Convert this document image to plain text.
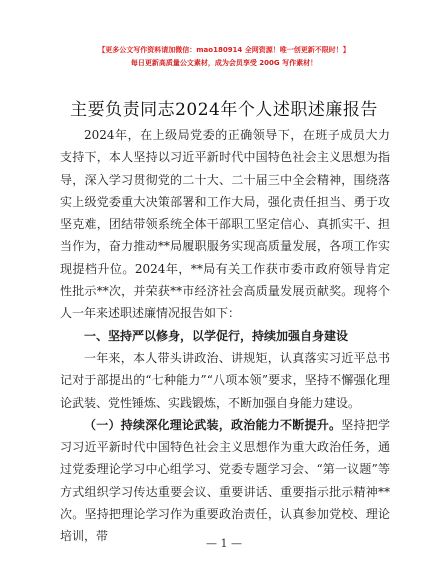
【更多公文写作资料请加微信：mao180914 全网资源！唯一创更新不限时！】
每日更新高质量公文素材，成为会员享受 200G 写作素材！
主要负责同志2024年个人述职述廉报告

2024年，在上级局党委的正确领导下，在班子成员大力支持下，本人坚持以习近平新时代中国特色社会主义思想为指导，深入学习贯彻党的二十大、二十届三中全会精神，围绕落实上级党委重大决策部署和工作大局，强化责任担当、勇于攻坚克难，团结带领系统全体干部职工坚定信心、真抓实干、担当作为，奋力推动**局履职服务实现高质量发展，各项工作实现提档升位。2024年，**局有关工作获市委市政府领导肯定性批示**次，并荣获**市经济社会高质量发展贡献奖。现将个人一年来述职述廉情况报告如下：

一、坚持严以修身，以学促行，持续加强自身建设

一年来，本人带头讲政治、讲规矩，认真落实习近平总书记对于部提出的“七种能力”“八项本领”要求，坚持不懈强化理论武装、党性锤炼、实践锻炼，不断加强自身能力建设。

（一）持续深化理论武装，政治能力不断提升。坚持把学习习近平新时代中国特色社会主义思想作为重大政治任务，通过党委理论学习中心组学习、党委专题学习会、“第一议题”等方式组织学习传达重要会议、重要讲话、重要指示批示精神**次。坚持把理论学习作为重要政治责任，认真参加党校、理论培训，带

— 1 —
